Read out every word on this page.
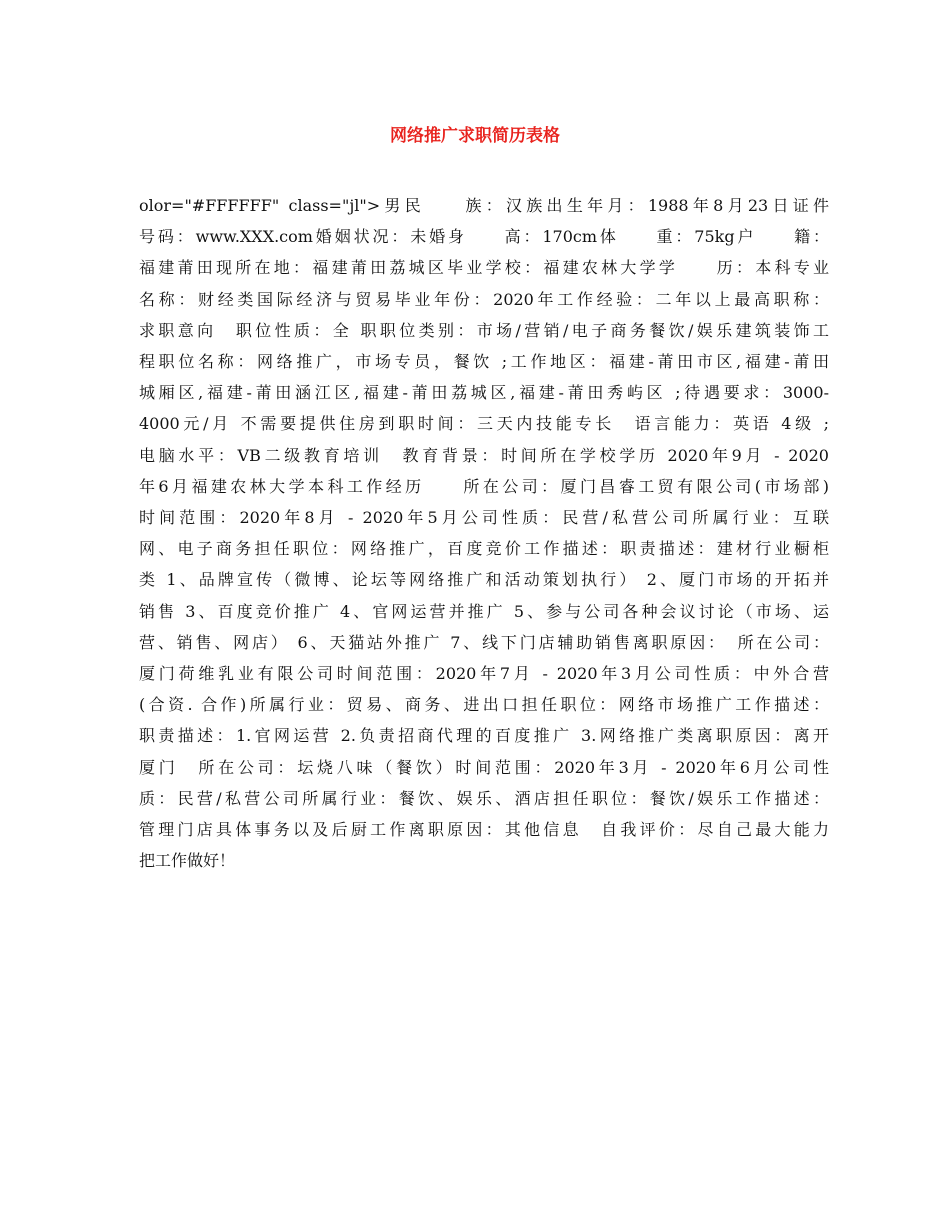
网络推广求职简历表格
olor="#FFFFFF" class="jl">男民　　族：汉族出生年月：1988年8月23日证件
号码：www.XXX.com婚姻状况：未婚身　　高：170cm体　　重：75kg户　　籍：
福建莆田现所在地：福建莆田荔城区毕业学校：福建农林大学学　　历：本科专业
名称：财经类国际经济与贸易毕业年份：2020年工作经验：二年以上最高职称：
求职意向　职位性质：全 职职位类别：市场/营销/电子商务餐饮/娱乐建筑装饰工
程职位名称：网络推广，市场专员，餐饮 ;工作地区：福建-莆田市区,福建-莆田
城厢区,福建-莆田涵江区,福建-莆田荔城区,福建-莆田秀屿区 ;待遇要求：3000-
4000元/月 不需要提供住房到职时间：三天内技能专长　语言能力：英语 4级 ;
电脑水平：VB二级教育培训　教育背景：时间所在学校学历 2020年9月 - 2020
年6月福建农林大学本科工作经历　　所在公司：厦门昌睿工贸有限公司(市场部)
时间范围：2020年8月 - 2020年5月公司性质：民营/私营公司所属行业：互联
网、电子商务担任职位：网络推广，百度竞价工作描述：职责描述：建材行业橱柜
类 1、品牌宣传（微博、论坛等网络推广和活动策划执行） 2、厦门市场的开拓并
销售 3、百度竞价推广 4、官网运营并推广 5、参与公司各种会议讨论（市场、运
营、销售、网店） 6、天猫站外推广 7、线下门店辅助销售离职原因：　所在公司：
厦门荷维乳业有限公司时间范围：2020年7月 - 2020年3月公司性质：中外合营
(合资. 合作)所属行业：贸易、商务、进出口担任职位：网络市场推广工作描述：
职责描述：1.官网运营 2.负责招商代理的百度推广 3.网络推广类离职原因：离开
厦门　所在公司：坛烧八味（餐饮）时间范围：2020年3月 - 2020年6月公司性
质：民营/私营公司所属行业：餐饮、娱乐、酒店担任职位：餐饮/娱乐工作描述：
管理门店具体事务以及后厨工作离职原因：其他信息　自我评价：尽自己最大能力
把工作做好！
